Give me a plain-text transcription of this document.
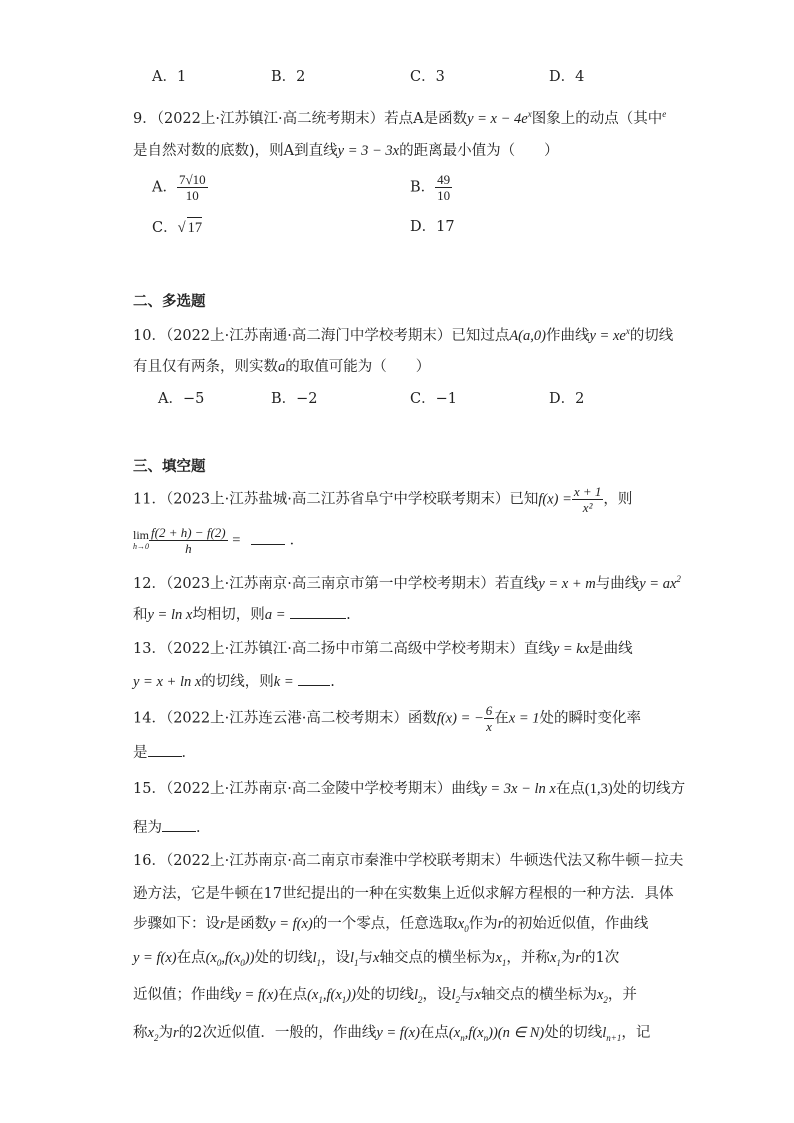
A．1	B．2	C．3	D．4
9．（2022上·江苏镇江·高二统考期末）若点A是函数$y = x - 4e^x$图象上的动点（其中$^e$
是自然对数的底数)，则A到直线y = 3 − 3x的距离最小值为（　　）
A． $\frac{7√10}{10}$	B． $\frac{49}{10}$
C．√ 17	D．17
二、多选题
10．（2022上·江苏南通·高二海门中学校考期末）已知过点A(a,0)作曲线$y = xe^x$的切线
有且仅有两条，则实数a的取值可能为（　　）
A．−5	B．−2	C．−1	D．2
三、填空题
11．（2023上·江苏盐城·高二江苏省阜宁中学校联考期末）已知$f(x) = \frac{x + 1}{\text{x²}}$ ，则
lim
$h\to 0 \frac{f(2 + h) - f(2)}{h}$ =	．
12．（2023上·江苏南京·高三南京市第一中学校考期末）若直线y = x + m与曲线$y = ax^2$
和y = ln x均相切，则a =	.
13．（2022上·江苏镇江·高二扬中市第二高级中学校考期末）直线y = kx是曲线
y = x + ln x的切线，则k =	.
14．（2022上·江苏连云港·高二校考期末）函数f(x) = − $\frac{6}{x}$ 在x = 1处的瞬时变化率
是 ．
15．（2022上·江苏南京·高二金陵中学校考期末）曲线y = 3x − ln x在点(1,3)处的切线方
程为 ．
16．（2022上·江苏南京·高二南京市秦淮中学校联考期末）牛顿迭代法又称牛顿－拉夫
逊方法，它是牛顿在17世纪提出的一种在实数集上近似求解方程根的一种方法．具体
步骤如下：设r是函数y = f(x)的一个零点，任意选取$x_0$作为r的初始近似值，作曲线
y = f(x)在点$(x_0,f(x_0))$处的切线$l_1$，设$l_1$与x轴交点的横坐标为$x_1$，并称$x_1$为r的1次
近似值；作曲线y = f(x)在点$(x_1,f(x_1))$处的切线$l_2$，设$l_2$与x轴交点的横坐标为$x_2$，并
称$x_2$为r的2次近似值．一般的，作曲线y = f(x)在点$(x_n,f(x_n))(n$ ∈ N)处的切线$l_{n+1}$，记
